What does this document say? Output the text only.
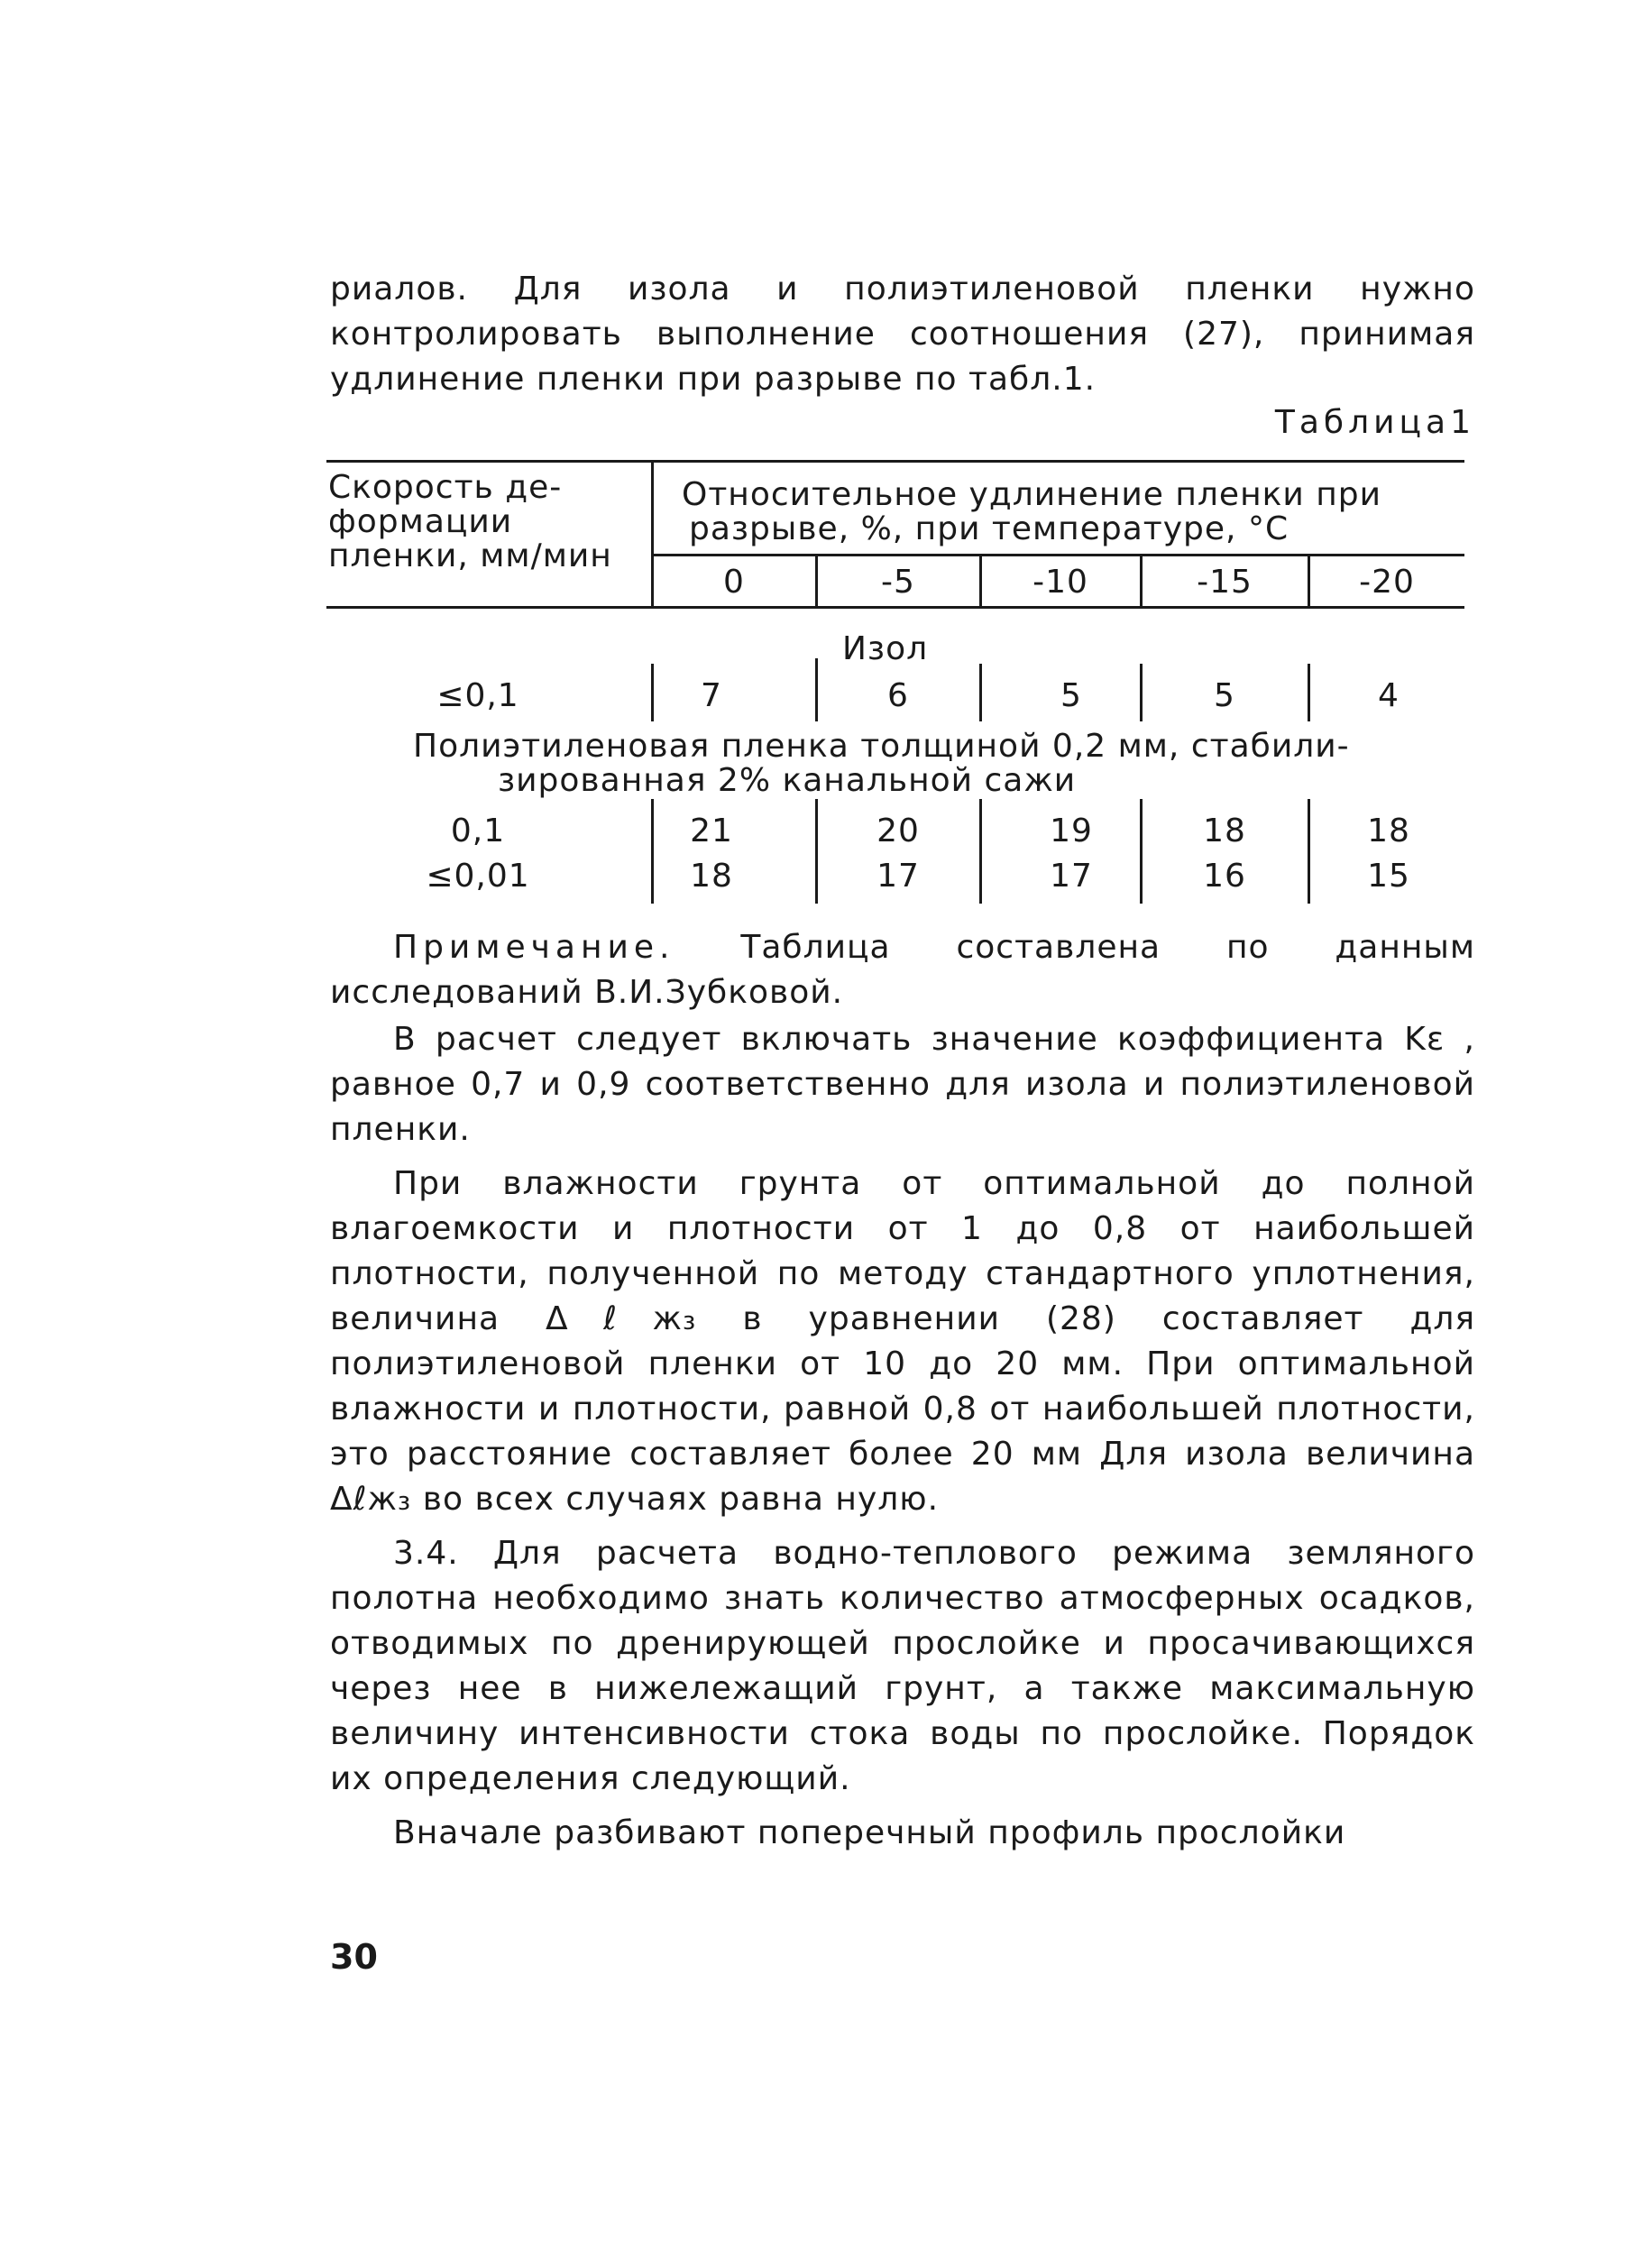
риалов. Для изола и полиэтиленовой пленки нужно контролировать выполнение соотношения (27), принимая удлинение пленки при разрыве по табл.1.

Таблица1
Скорость де-
формации
пленки, мм/мин
Относительное удлинение пленки при
разрыве, %, при температуре, °С
0	-5	-10	-15	-20
Изол
≤0,1	7	6	5	5	4
Полиэтиленовая пленка толщиной 0,2 мм, стабили-
зированная 2% канальной сажи
0,1	21	20	19	18	18
≤0,01	18	17	17	16	15

Примечание. Таблица составлена по данным исследований В.И.Зубковой.

В расчет следует включать значение коэффициента Kε , равное 0,7 и 0,9 соответственно для изола и полиэтиленовой пленки.

При влажности грунта от оптимальной до полной влагоемкости и плотности от 1 до 0,8 от наибольшей плотности, полученной по методу стандартного уплотнения, величина Δℓж₃ в уравнении (28) составляет для полиэтиленовой пленки от 10 до 20 мм. При оптимальной влажности и плотности, равной 0,8 от наибольшей плотности, это расстояние составляет более 20 мм Для изола величина Δℓж₃ во всех случаях равна нулю.

3.4. Для расчета водно-теплового режима земляного полотна необходимо знать количество атмосферных осадков, отводимых по дренирующей прослойке и просачивающихся через нее в нижележащий грунт, а также максимальную величину интенсивности стока воды по прослойке. Порядок их определения следующий.

Вначале разбивают поперечный профиль прослойки

30
